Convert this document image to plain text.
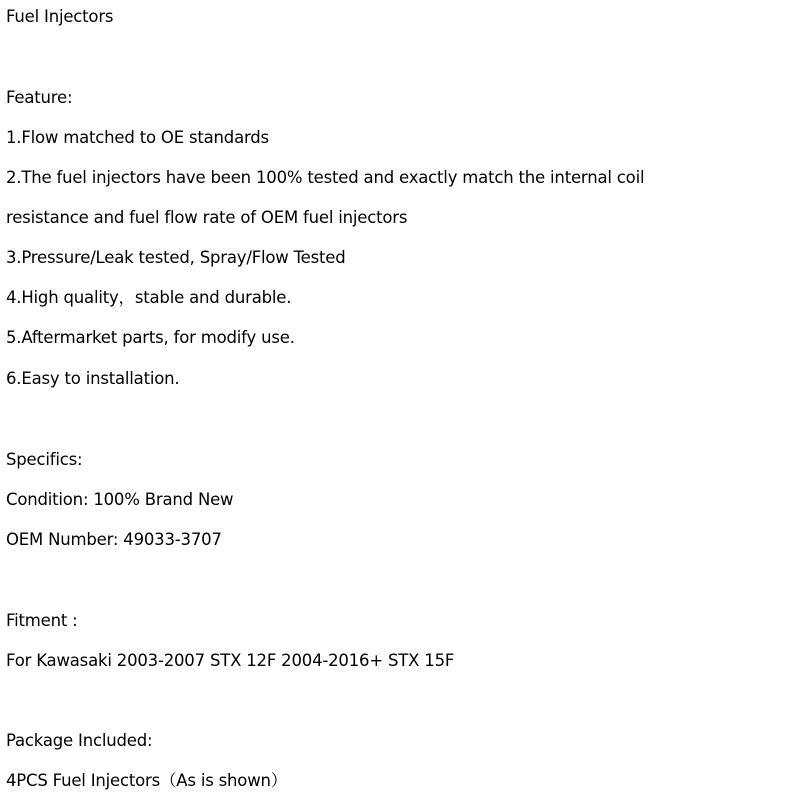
Fuel Injectors

Feature:

1.Flow matched to OE standards

2.The fuel injectors have been 100% tested and exactly match the internal coil

resistance and fuel flow rate of OEM fuel injectors

3.Pressure/Leak tested, Spray/Flow Tested

4.High quality，stable and durable.

5.Aftermarket parts, for modify use.

6.Easy to installation.

Specifics:

Condition: 100% Brand New

OEM Number: 49033-3707

Fitment :

For Kawasaki 2003-2007 STX 12F 2004-2016+ STX 15F

Package Included:

4PCS Fuel Injectors（As is shown）
